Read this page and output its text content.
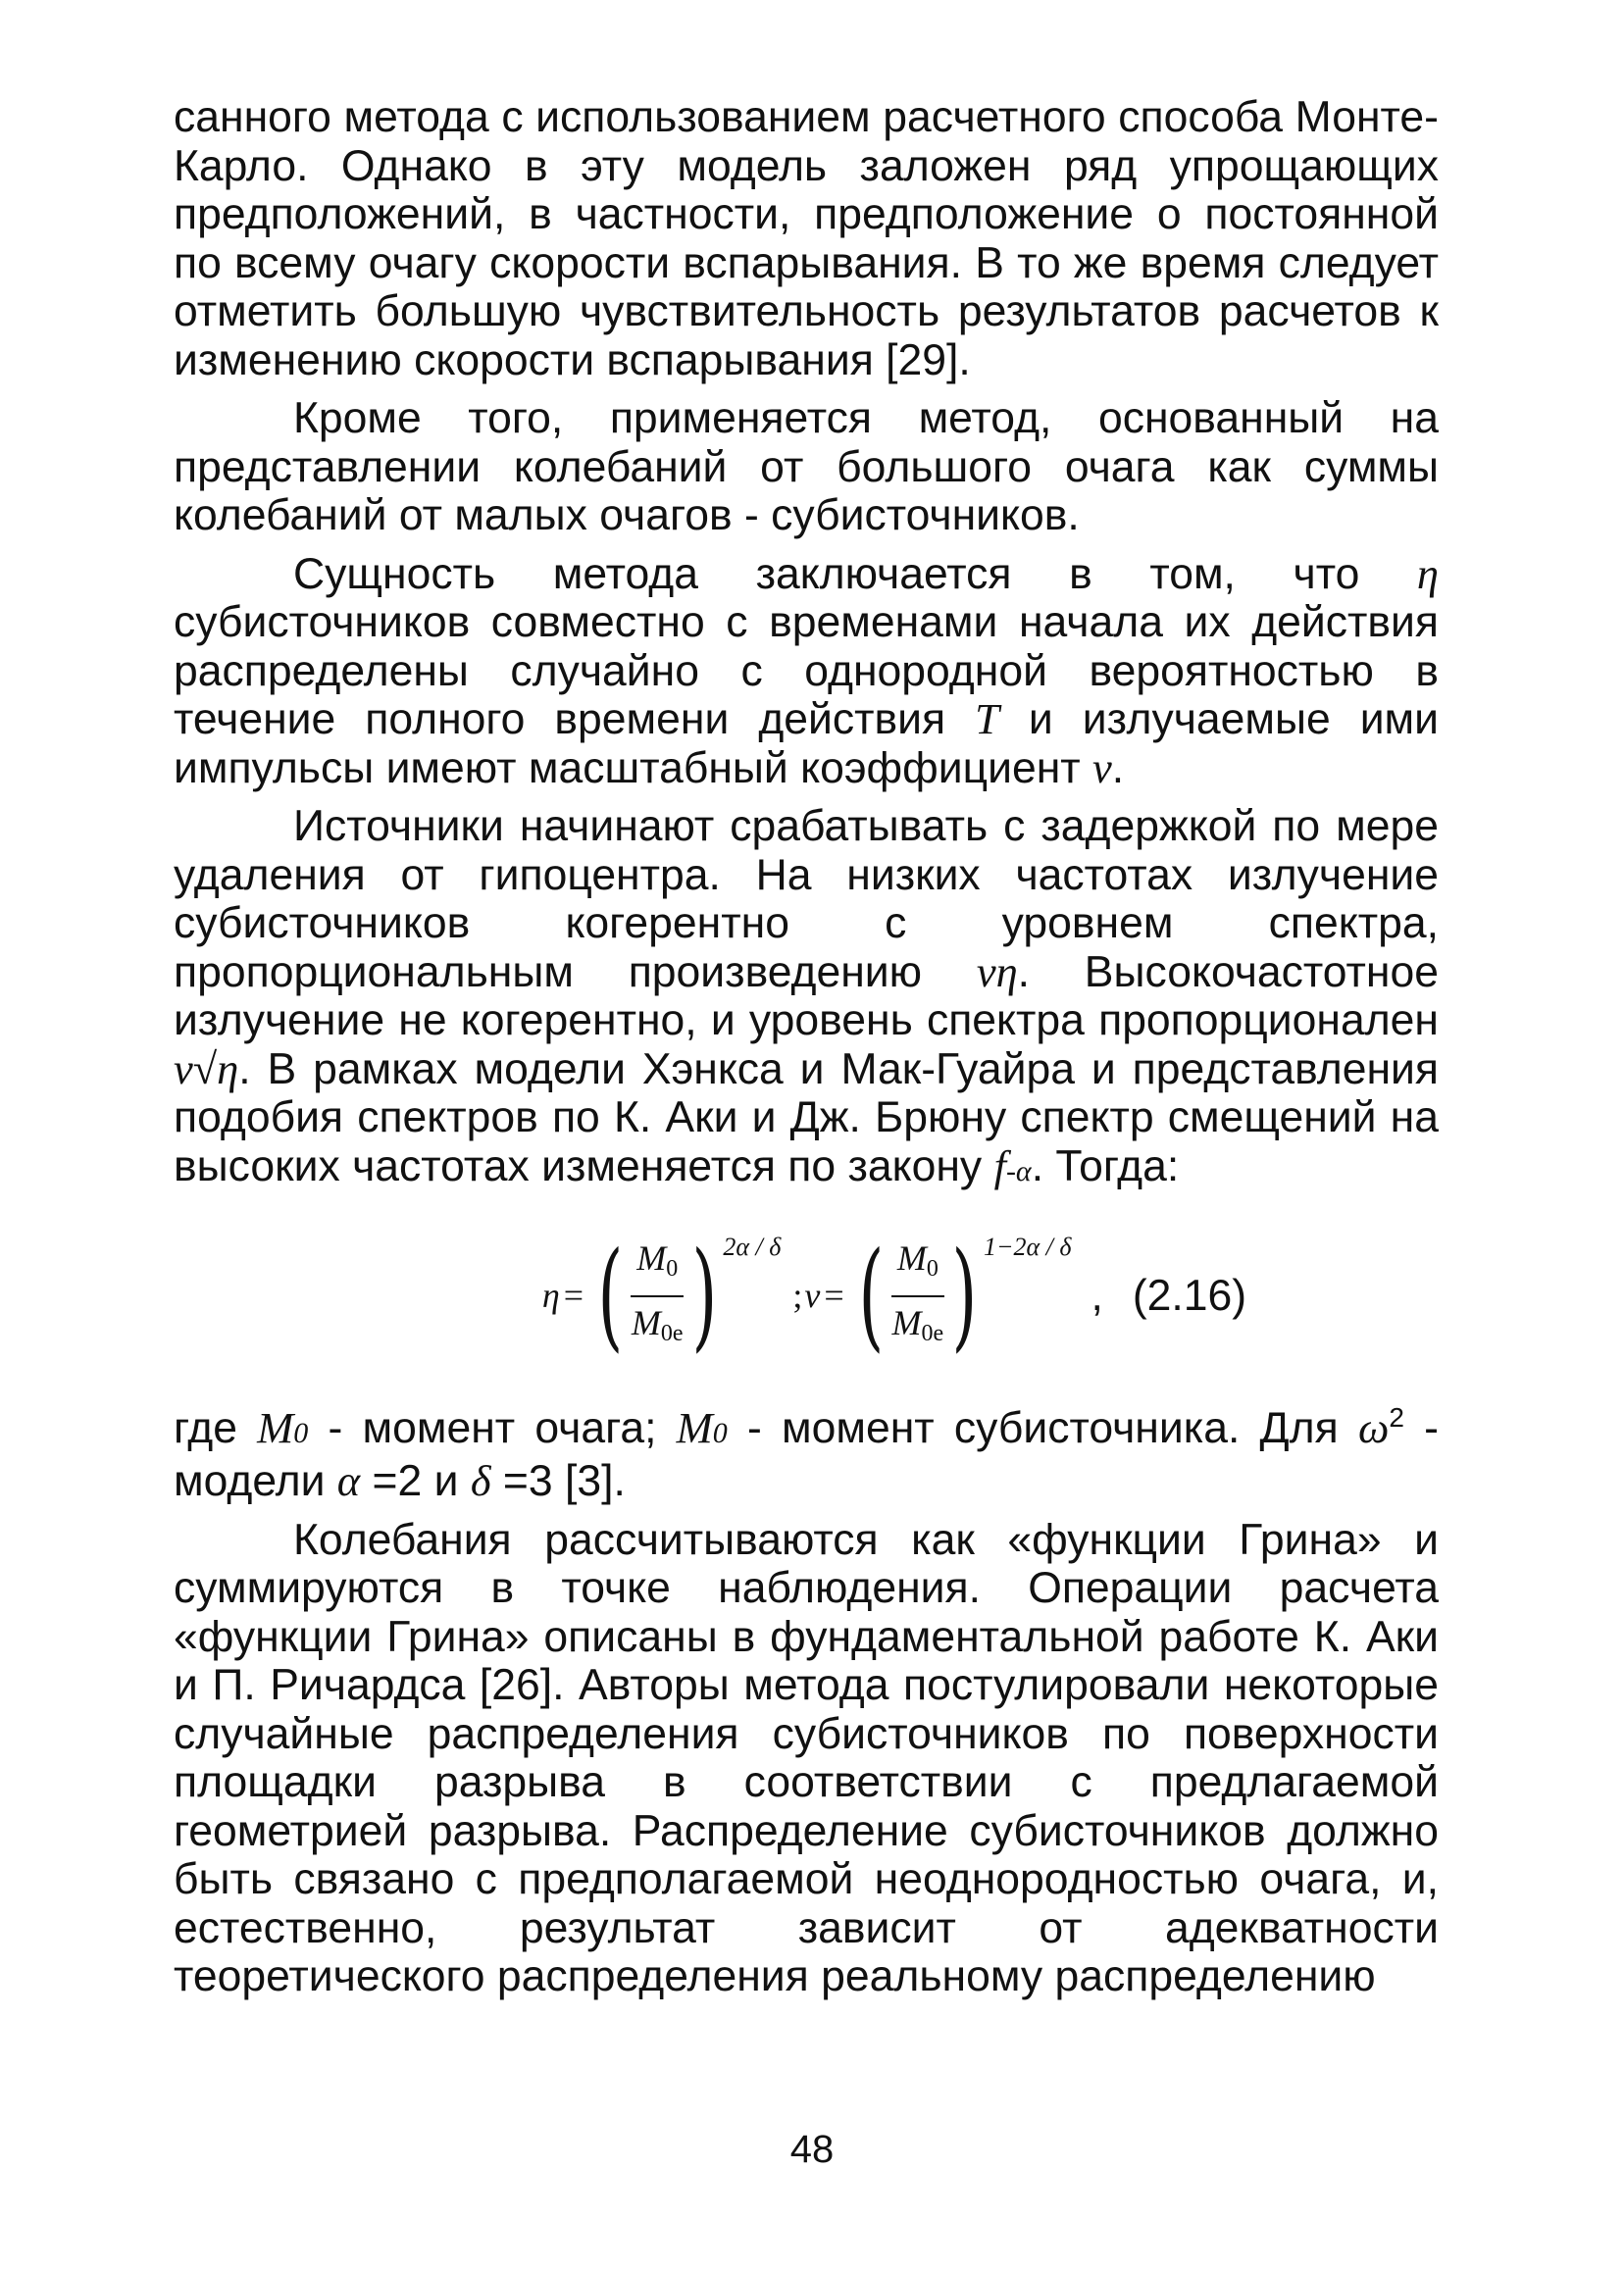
санного метода с использованием расчетного способа Монте-Карло. Однако в эту модель заложен ряд упрощающих предположений, в частности, предположение о постоянной по всему очагу скорости вспарывания. В то же время следует отметить большую чувствительность результатов расчетов к изменению скорости вспарывания [29].

Кроме того, применяется метод, основанный на представлении колебаний от большого очага как суммы колебаний от малых очагов - субисточников.

Сущность метода заключается в том, что η субисточников совместно с временами начала их действия распределены случайно с однородной вероятностью в течение полного времени действия T и излучаемые ими импульсы имеют масштабный коэффициент ν.

Источники начинают срабатывать с задержкой по мере удаления от гипоцентра. На низких частотах излучение субисточников когерентно с уровнем спектра, пропорциональным произведению νη. Высокочастотное излучение не когерентно, и уровень спектра пропорционален ν√η. В рамках модели Хэнкса и Мак-Гуайра и представления подобия спектров по К. Аки и Дж. Брюну спектр смещений на высоких частотах изменяется по закону f-α. Тогда:

η = ( $\frac{M_0}{M_{0e}}$ ) 2α / δ
; ν = ( $\frac{M_0}{M_{0e}}$ ) 1−2α / δ
, (2.16)

где M0 - момент очага; M0 - момент субисточника. Для $\omega^2$ - модели α =2 и δ =3 [3].

Колебания рассчитываются как «функции Грина» и суммируются в точке наблюдения. Операции расчета «функции Грина» описаны в фундаментальной работе К. Аки и П. Ричардса [26]. Авторы метода постулировали некоторые случайные распределения субисточников по поверхности площадки разрыва в соответствии с предлагаемой геометрией разрыва. Распределение субисточников должно быть связано с предполагаемой неоднородностью очага, и, естественно, результат зависит от адекватности теоретического распределения реальному распределению

48
